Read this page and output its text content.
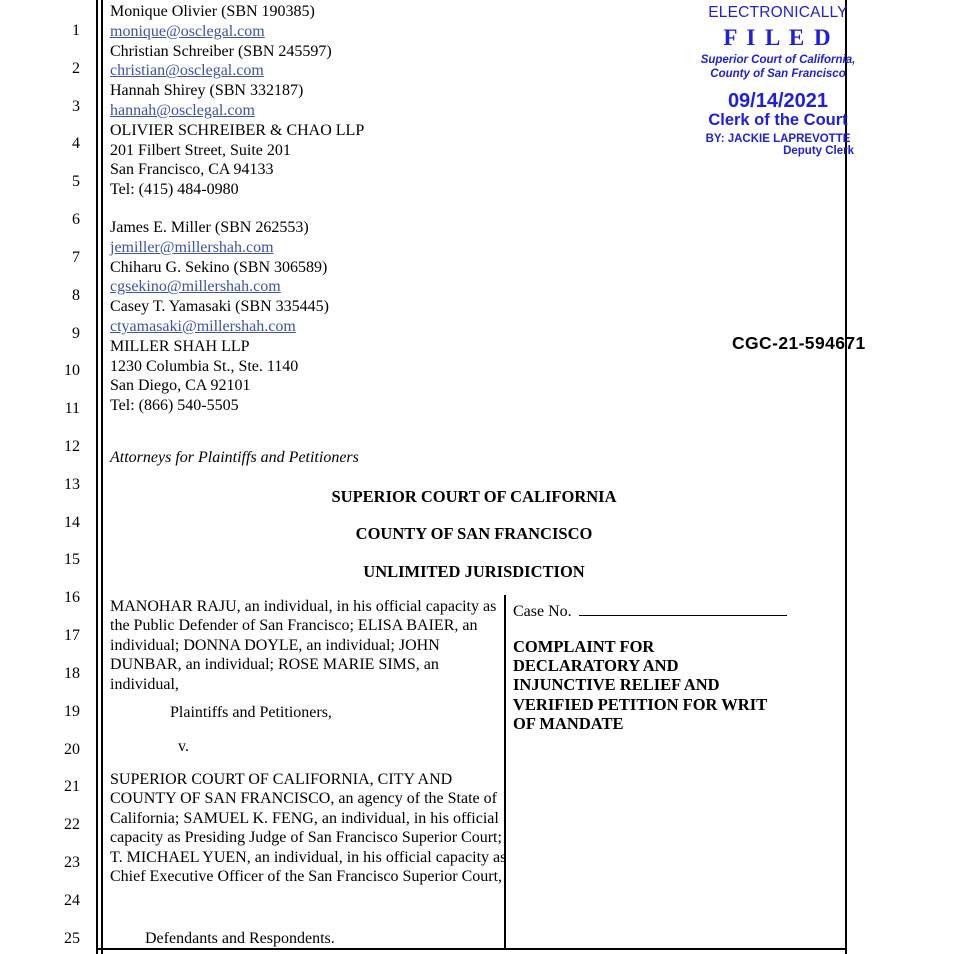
1
2
3
4
5
6
7
8
9
10
11
12
13
14
15
16
17
18
19
20
21
22
23
24
25
Monique Olivier (SBN 190385)
monique@osclegal.com
Christian Schreiber (SBN 245597)
christian@osclegal.com
Hannah Shirey (SBN 332187)
hannah@osclegal.com
OLIVIER SCHREIBER & CHAO LLP
201 Filbert Street, Suite 201
San Francisco, CA 94133
Tel: (415) 484-0980
James E. Miller (SBN 262553)
jemiller@millershah.com
Chiharu G. Sekino (SBN 306589)
cgsekino@millershah.com
Casey T. Yamasaki (SBN 335445)
ctyamasaki@millershah.com
MILLER SHAH LLP
1230 Columbia St., Ste. 1140
San Diego, CA 92101
Tel: (866) 540-5505
Attorneys for Plaintiffs and Petitioners
SUPERIOR COURT OF CALIFORNIA
COUNTY OF SAN FRANCISCO
UNLIMITED JURISDICTION
MANOHAR RAJU, an individual, in his official capacity as the Public Defender of San Francisco; ELISA BAIER, an individual; DONNA DOYLE, an individual; JOHN DUNBAR, an individual; ROSE MARIE SIMS, an individual,
Plaintiffs and Petitioners,
v.
SUPERIOR COURT OF CALIFORNIA, CITY AND COUNTY OF SAN FRANCISCO, an agency of the State of California; SAMUEL K. FENG, an individual, in his official capacity as Presiding Judge of San Francisco Superior Court; T. MICHAEL YUEN, an individual, in his official capacity as Chief Executive Officer of the San Francisco Superior Court,
Defendants and Respondents.
Case No.
COMPLAINT FOR
DECLARATORY AND
INJUNCTIVE RELIEF AND
VERIFIED PETITION FOR WRIT
OF MANDATE
ELECTRONICALLY
F I L E D
Superior Court of California,
County of San Francisco
09/14/2021
Clerk of the Court
BY: JACKIE LAPREVOTTE
Deputy Clerk
CGC-21-594671
